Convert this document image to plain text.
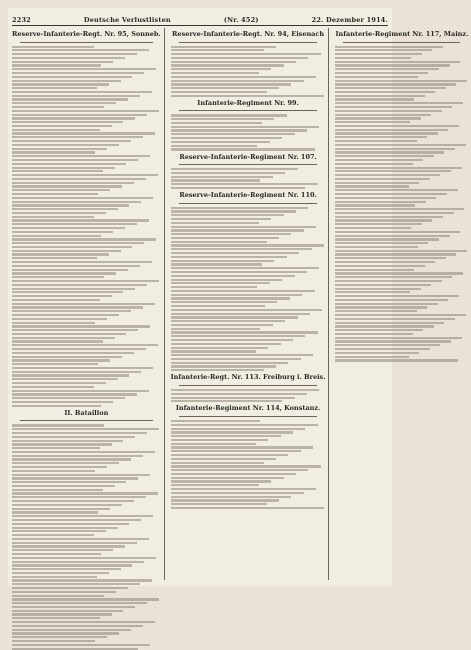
2232	Deutsche Verlustlisten	(Nr. 452)	22. Dezember 1914.
Reserve-Infanterie-Regt. Nr. 95, Sonneb.
II. Bataillon
Reserve-Infanterie-Regt. Nr. 94, Eisenach
Infanterie-Regiment Nr. 99.
Reserve-Infanterie-Regiment Nr. 107.
Reserve-Infanterie-Regiment Nr. 110.
Infanterie-Regt. Nr. 113. Freiburg i. Breis.
Infanterie-Regiment Nr. 114, Konstanz.
Infanterie-Regiment Nr. 117, Mainz.
